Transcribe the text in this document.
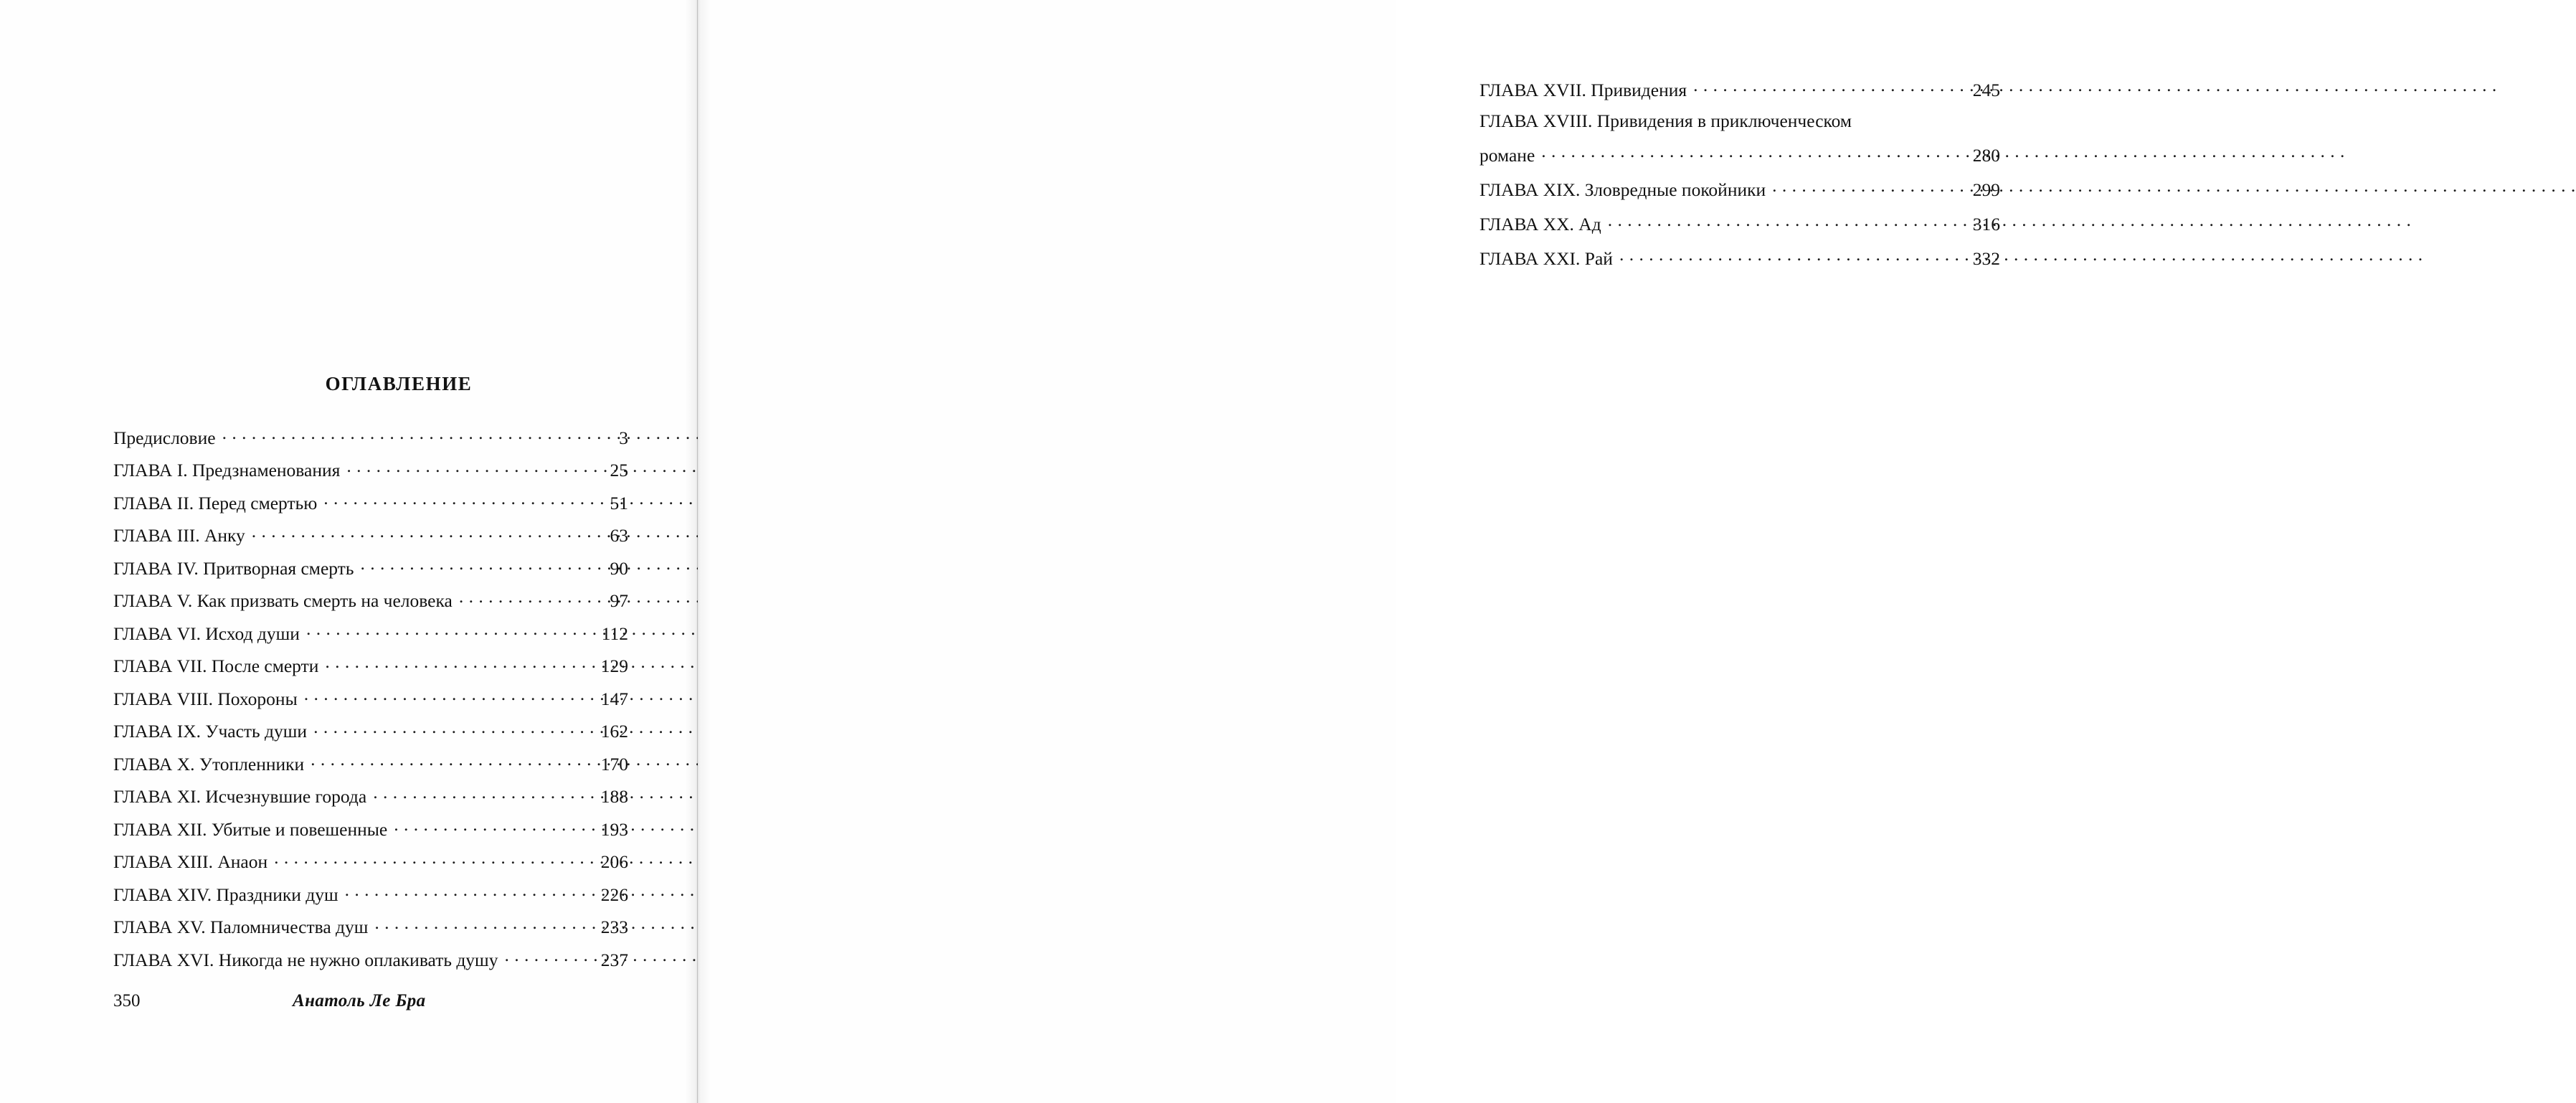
ОГЛАВЛЕНИЕ
Предисловие . . .	3
ГЛАВА I. Предзнаменования . . .	25
ГЛАВА II. Перед смертью . . .	51
ГЛАВА III. Анку . . .	63
ГЛАВА IV. Притворная смерть . . .	90
ГЛАВА V. Как призвать смерть на человека . . .	97
ГЛАВА VI. Исход души . . .	112
ГЛАВА VII. После смерти . . .	129
ГЛАВА VIII. Похороны . . .	147
ГЛАВА IX. Участь души . . .	162
ГЛАВА X. Утопленники . . .	170
ГЛАВА XI. Исчезнувшие города . . .	188
ГЛАВА XII. Убитые и повешенные . . .	193
ГЛАВА XIII. Анаон . . .	206
ГЛАВА XIV. Праздники душ . . .	226
ГЛАВА XV. Паломничества душ . . .	233
ГЛАВА XVI. Никогда не нужно оплакивать душу . . .	237
350	Анатоль Ле Бра
ГЛАВА XVII. Привидения . . .	245
ГЛАВА XVIII. Привидения в приключенческом
романе . . .	280
ГЛАВА XIX. Зловредные покойники . . .	299
ГЛАВА XX. Ад . . .	316
ГЛАВА XXI. Рай . . .	332
